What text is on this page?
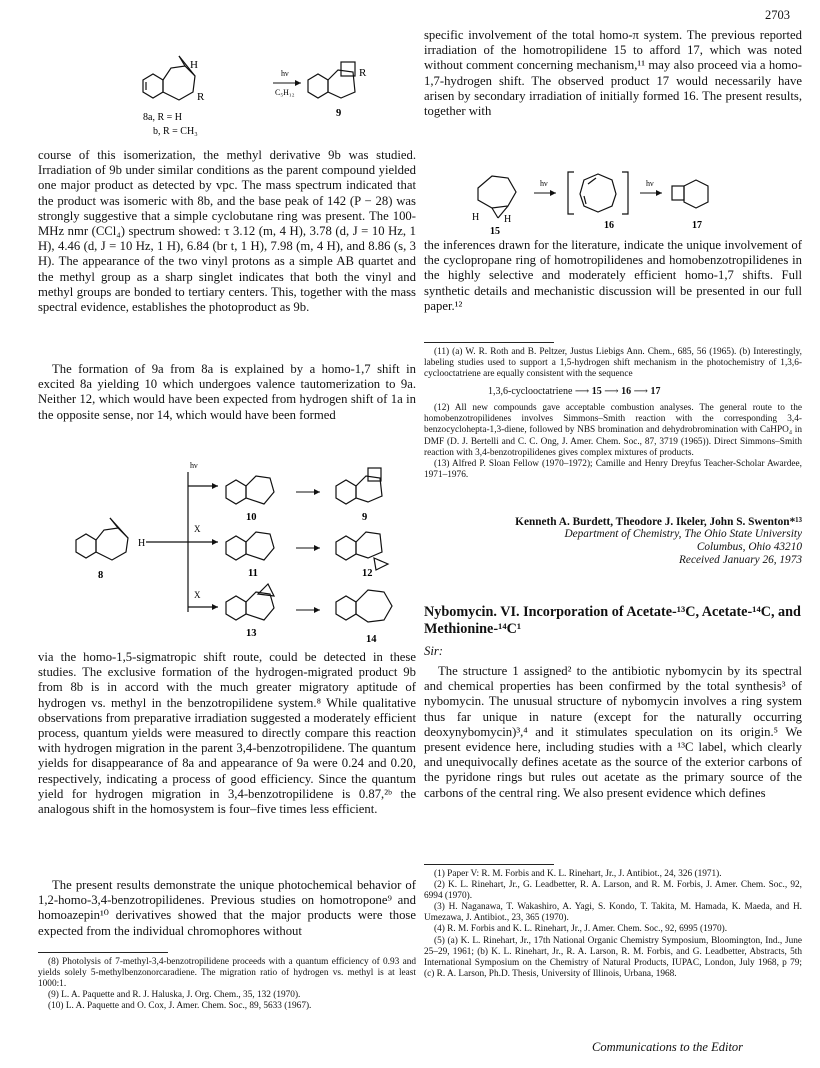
2703
H
R
R
hν
C₅H₁₂
9
8a, R = H
b, R = CH₃

course of this isomerization, the methyl derivative 9b was studied. Irradiation of 9b under similar conditions as the parent compound yielded one major product as detected by vpc. The mass spectrum indicated that the product was isomeric with 8b, and the base peak of 142 (P − 28) was strongly suggestive that a simple cyclobutane ring was present. The 100-MHz nmr (CCl₄) spectrum showed: τ 3.12 (m, 4 H), 3.78 (d, J = 10 Hz, 1 H), 4.46 (d, J = 10 Hz, 1 H), 6.84 (br t, 1 H), 7.98 (m, 4 H), and 8.86 (s, 3 H). The appearance of the two vinyl protons as a simple AB quartet and the methyl group as a sharp singlet indicates that both the vinyl and methyl groups are bonded to tertiary centers. This, together with the mass spectral evidence, establishes the photoproduct as 9b.

The formation of 9a from 8a is explained by a homo-1,7 shift in excited 8a yielding 10 which undergoes valence tautomerization to 9a. Neither 12, which would have been expected from hydrogen shift of 1a in the opposite sense, nor 14, which would have been formed

hν
X
X
H
8
10	9
11	12
13
14

via the homo-1,5-sigmatropic shift route, could be detected in these studies. The exclusive formation of the hydrogen-migrated product 9b from 8b is in accord with the much greater migratory aptitude of hydrogen vs. methyl in the benzotropilidene system.⁸ While qualitative observations from preparative irradiation suggested a moderately efficient process, quantum yields were measured to directly compare this reaction with hydrogen migration in the parent 3,4-benzotropilidene. The quantum yields for disappearance of 8a and appearance of 9a were 0.24 and 0.20, respectively, indicating a process of good efficiency. Since the quantum yield for hydrogen migration in 3,4-benzotropilidene is 0.87,²ᵇ the analogous shift in the homosystem is four–five times less efficient.

The present results demonstrate the unique photochemical behavior of 1,2-homo-3,4-benzotropilidenes. Previous studies on homotropone⁹ and homoazepin¹⁰ derivatives showed that the major products were those expected from the individual chromophores without

(8) Photolysis of 7-methyl-3,4-benzotropilidene proceeds with a quantum efficiency of 0.93 and yields solely 5-methylbenzonorcaradiene. The migration ratio of hydrogen vs. methyl is at least 1000:1.

(9) L. A. Paquette and R. J. Haluska, J. Org. Chem., 35, 132 (1970).

(10) L. A. Paquette and O. Cox, J. Amer. Chem. Soc., 89, 5633 (1967).

specific involvement of the total homo-π system. The previous reported irradiation of the homotropilidene 15 to afford 17, which was noted without comment concerning mechanism,¹¹ may also proceed via a homo-1,7-hydrogen shift. The observed product 17 would necessarily have arisen by secondary irradiation of initially formed 16. The present results, together with

hν	hν
H H
15
16	17

the inferences drawn for the literature, indicate the unique involvement of the cyclopropane ring of homotropilidenes and homobenzotropilidenes in the highly selective and moderately efficient homo-1,7 shifts. Full synthetic details and mechanistic discussion will be presented in our full paper.¹²

(11) (a) W. R. Roth and B. Peltzer, Justus Liebigs Ann. Chem., 685, 56 (1965). (b) Interestingly, labeling studies used to support a 1,5-hydrogen shift mechanism in the photochemistry of 1,3,6-cyclooctatriene are equally consistent with the sequence

1,3,6-cyclooctatriene ⟶ 15 ⟶ 16 ⟶ 17

(12) All new compounds gave acceptable combustion analyses. The general route to the homobenzotropilidenes involves Simmons–Smith reaction with the corresponding 3,4-benzocyclohepta-1,3-diene, followed by NBS bromination and dehydrobromination with CaHPO₄ in DMF (D. J. Bertelli and C. C. Ong, J. Amer. Chem. Soc., 87, 3719 (1965)). Direct Simmons–Smith reaction with 3,4-benzotropilidenes gives complex mixtures of products.

(13) Alfred P. Sloan Fellow (1970–1972); Camille and Henry Dreyfus Teacher-Scholar Awardee, 1971–1976.

Kenneth A. Burdett, Theodore J. Ikeler, John S. Swenton*¹³

Department of Chemistry, The Ohio State University

Columbus, Ohio 43210

Received January 26, 1973

Nybomycin. VI. Incorporation of Acetate-¹³C, Acetate-¹⁴C, and Methionine-¹⁴C¹

Sir:

The structure 1 assigned² to the antibiotic nybomycin by its spectral and chemical properties has been confirmed by the total synthesis³ of nybomycin. The unusual structure of nybomycin involves a ring system thus far unique in nature (except for the naturally occurring deoxynybomycin)³,⁴ and it stimulates speculation on its origin.⁵ We present evidence here, including studies with a ¹³C label, which clearly and unequivocally defines acetate as the source of the exterior carbons of the pyridone rings but rules out acetate as the primary source of the carbons of the central ring. We also present evidence which defines

(1) Paper V: R. M. Forbis and K. L. Rinehart, Jr., J. Antibiot., 24, 326 (1971).

(2) K. L. Rinehart, Jr., G. Leadbetter, R. A. Larson, and R. M. Forbis, J. Amer. Chem. Soc., 92, 6994 (1970).

(3) H. Naganawa, T. Wakashiro, A. Yagi, S. Kondo, T. Takita, M. Hamada, K. Maeda, and H. Umezawa, J. Antibiot., 23, 365 (1970).

(4) R. M. Forbis and K. L. Rinehart, Jr., J. Amer. Chem. Soc., 92, 6995 (1970).

(5) (a) K. L. Rinehart, Jr., 17th National Organic Chemistry Symposium, Bloomington, Ind., June 25–29, 1961; (b) K. L. Rinehart, Jr., R. A. Larson, R. M. Forbis, and G. Leadbetter, Abstracts, 5th International Symposium on the Chemistry of Natural Products, IUPAC, London, July 1968, p 79; (c) R. A. Larson, Ph.D. Thesis, University of Illinois, Urbana, 1968.

Communications to the Editor
